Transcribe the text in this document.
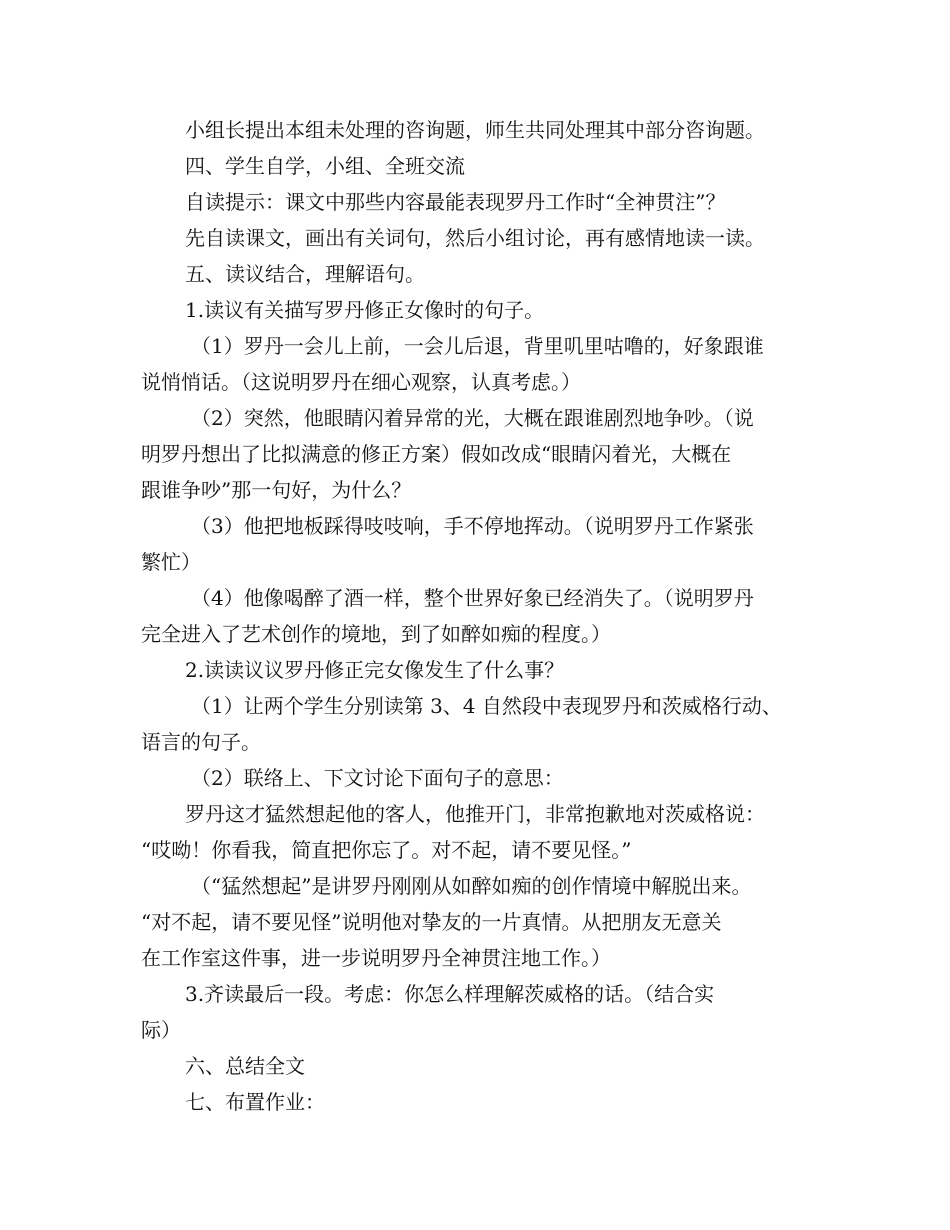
小组长提出本组未处理的咨询题，师生共同处理其中部分咨询题。
四、学生自学，小组、全班交流
自读提示：课文中那些内容最能表现罗丹工作时“全神贯注”？
先自读课文，画出有关词句，然后小组讨论，再有感情地读一读。
五、读议结合，理解语句。
1.读议有关描写罗丹修正女像时的句子。
（1）罗丹一会儿上前，一会儿后退，背里叽里咕噜的，好象跟谁
说悄悄话。（这说明罗丹在细心观察，认真考虑。）
（2）突然，他眼睛闪着异常的光，大概在跟谁剧烈地争吵。（说
明罗丹想出了比拟满意的修正方案）假如改成“眼睛闪着光，大概在
跟谁争吵”那一句好，为什么？
（3）他把地板踩得吱吱响，手不停地挥动。（说明罗丹工作紧张
繁忙）
（4）他像喝醉了酒一样，整个世界好象已经消失了。（说明罗丹
完全进入了艺术创作的境地，到了如醉如痴的程度。）
2.读读议议罗丹修正完女像发生了什么事？
（1）让两个学生分别读第 3、4 自然段中表现罗丹和茨威格行动、
语言的句子。
（2）联络上、下文讨论下面句子的意思：
罗丹这才猛然想起他的客人，他推开门，非常抱歉地对茨威格说：
“哎呦！你看我，简直把你忘了。对不起，请不要见怪。”
（“猛然想起”是讲罗丹刚刚从如醉如痴的创作情境中解脱出来。
“对不起，请不要见怪”说明他对挚友的一片真情。从把朋友无意关
在工作室这件事，进一步说明罗丹全神贯注地工作。）
3.齐读最后一段。考虑：你怎么样理解茨威格的话。（结合实
际）
六、总结全文
七、布置作业：
